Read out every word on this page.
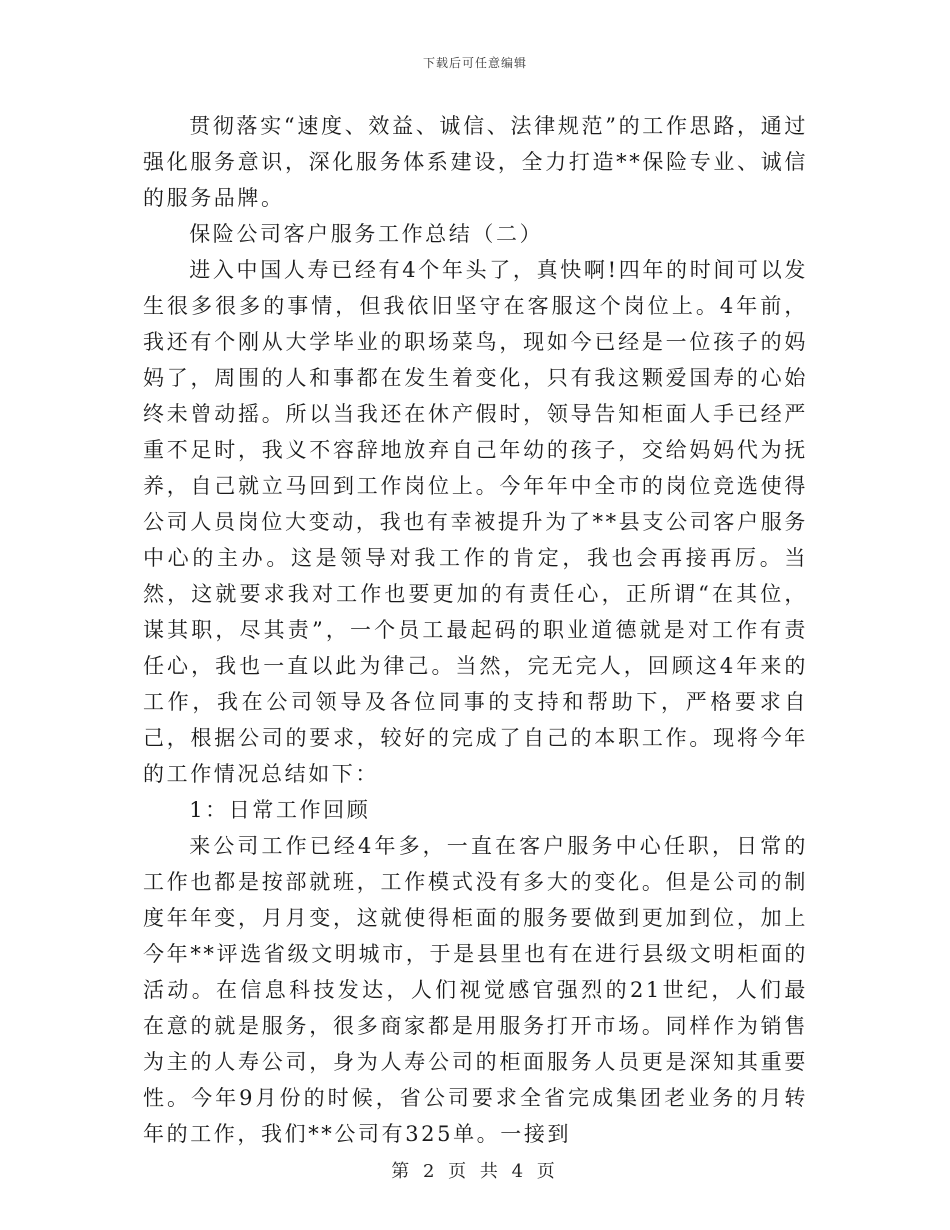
下载后可任意编辑

贯彻落实“速度、效益、诚信、法律规范”的工作思路，通过强化服务意识，深化服务体系建设，全力打造**保险专业、诚信的服务品牌。

保险公司客户服务工作总结（二）

进入中国人寿已经有4个年头了，真快啊!四年的时间可以发生很多很多的事情，但我依旧坚守在客服这个岗位上。4年前，我还有个刚从大学毕业的职场菜鸟，现如今已经是一位孩子的妈妈了，周围的人和事都在发生着变化，只有我这颗爱国寿的心始终未曾动摇。所以当我还在休产假时，领导告知柜面人手已经严重不足时，我义不容辞地放弃自己年幼的孩子，交给妈妈代为抚养，自己就立马回到工作岗位上。今年年中全市的岗位竞选使得公司人员岗位大变动，我也有幸被提升为了**县支公司客户服务中心的主办。这是领导对我工作的肯定，我也会再接再厉。当然，这就要求我对工作也要更加的有责任心，正所谓“在其位，谋其职，尽其责”，一个员工最起码的职业道德就是对工作有责任心，我也一直以此为律己。当然，完无完人，回顾这4年来的工作，我在公司领导及各位同事的支持和帮助下，严格要求自己，根据公司的要求，较好的完成了自己的本职工作。现将今年的工作情况总结如下：

1：日常工作回顾

来公司工作已经4年多，一直在客户服务中心任职，日常的工作也都是按部就班，工作模式没有多大的变化。但是公司的制度年年变，月月变，这就使得柜面的服务要做到更加到位，加上今年**评选省级文明城市，于是县里也有在进行县级文明柜面的活动。在信息科技发达，人们视觉感官强烈的21世纪，人们最在意的就是服务，很多商家都是用服务打开市场。同样作为销售为主的人寿公司，身为人寿公司的柜面服务人员更是深知其重要性。今年9月份的时候，省公司要求全省完成集团老业务的月转年的工作，我们**公司有325单。一接到

第 2 页 共 4 页
